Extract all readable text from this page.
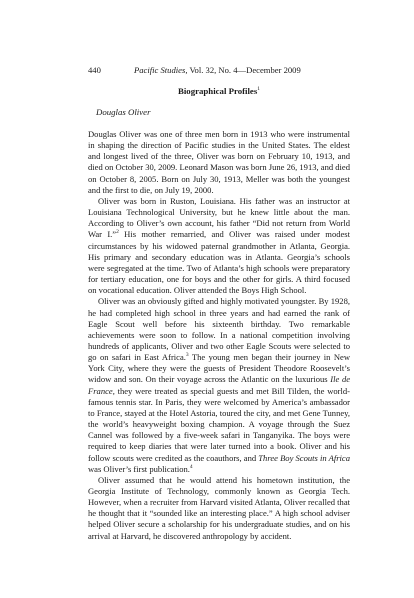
440	Pacific Studies, Vol. 32, No. 4—December 2009
Biographical Profiles$^1$
Douglas Oliver

Douglas Oliver was one of three men born in 1913 who were instrumental in shaping the direction of Pacific studies in the United States. The eldest and longest lived of the three, Oliver was born on February 10, 1913, and died on October 30, 2009. Leonard Mason was born June 26, 1913, and died on October 8, 2005. Born on July 30, 1913, Meller was both the youngest and the first to die, on July 19, 2000.

Oliver was born in Ruston, Louisiana. His father was an instructor at Louisiana Technological University, but he knew little about the man. According to Oliver’s own account, his father “Did not return from World War I.”$^2$ His mother remarried, and Oliver was raised under modest circumstances by his widowed paternal grandmother in Atlanta, Georgia. His primary and secondary education was in Atlanta. Georgia’s schools were segregated at the time. Two of Atlanta’s high schools were preparatory for tertiary education, one for boys and the other for girls. A third focused on vocational education. Oliver attended the Boys High School.

Oliver was an obviously gifted and highly motivated youngster. By 1928, he had completed high school in three years and had earned the rank of Eagle Scout well before his sixteenth birthday. Two remarkable achievements were soon to follow. In a national competition involving hundreds of applicants, Oliver and two other Eagle Scouts were selected to go on safari in East Africa.$^3$ The young men began their journey in New York City, where they were the guests of President Theodore Roosevelt’s widow and son. On their voyage across the Atlantic on the luxurious Ile de France, they were treated as special guests and met Bill Tilden, the world-famous tennis star. In Paris, they were welcomed by America’s ambassador to France, stayed at the Hotel Astoria, toured the city, and met Gene Tunney, the world’s heavyweight boxing champion. A voyage through the Suez Cannel was followed by a five-week safari in Tanganyika. The boys were required to keep diaries that were later turned into a book. Oliver and his follow scouts were credited as the coauthors, and Three Boy Scouts in Africa was Oliver’s first publication.$^4$

Oliver assumed that he would attend his hometown institution, the Georgia Institute of Technology, commonly known as Georgia Tech. However, when a recruiter from Harvard visited Atlanta, Oliver recalled that he thought that it “sounded like an interesting place.” A high school adviser helped Oliver secure a scholarship for his undergraduate studies, and on his arrival at Harvard, he discovered anthropology by accident.
